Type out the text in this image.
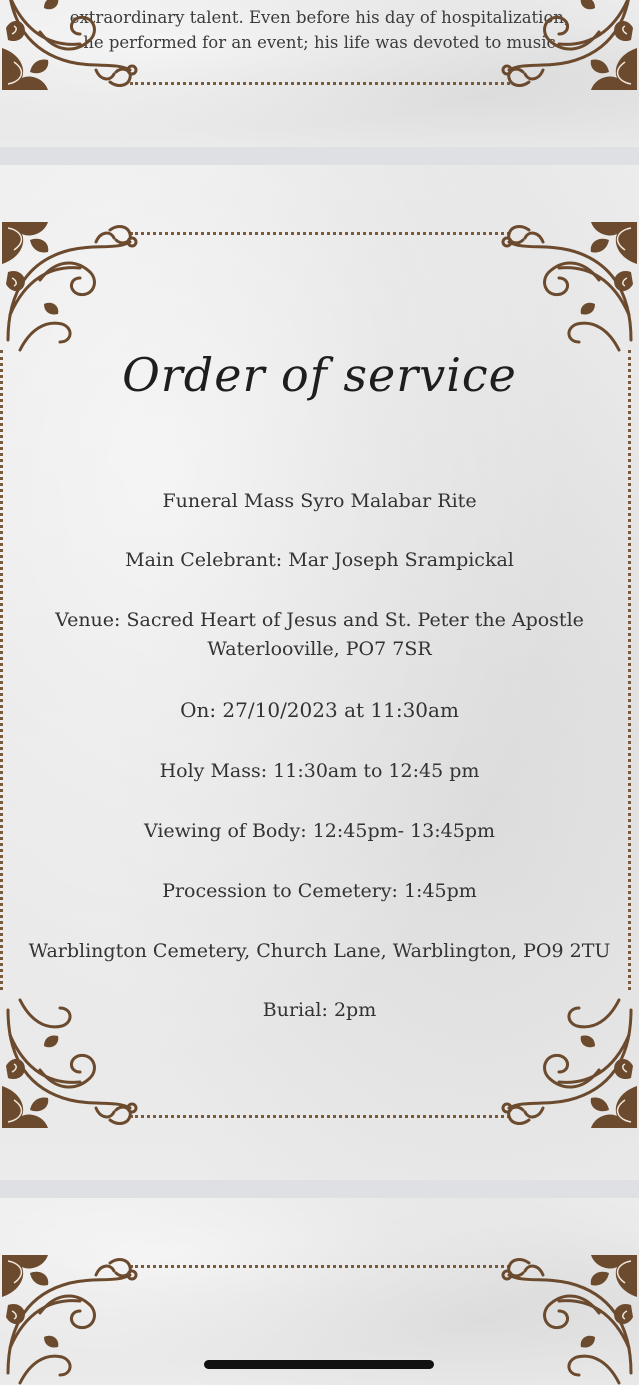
extraordinary talent. Even before his day of hospitalization,
he performed for an event; his life was devoted to music
Order of service
Funeral Mass Syro Malabar Rite
Main Celebrant: Mar Joseph Srampickal
Venue: Sacred Heart of Jesus and St. Peter the Apostle
Waterlooville, PO7 7SR
On: 27/10/2023 at 11:30am
Holy Mass: 11:30am to 12:45 pm
Viewing of Body: 12:45pm- 13:45pm
Procession to Cemetery: 1:45pm
Warblington Cemetery, Church Lane, Warblington, PO9 2TU
Burial: 2pm
